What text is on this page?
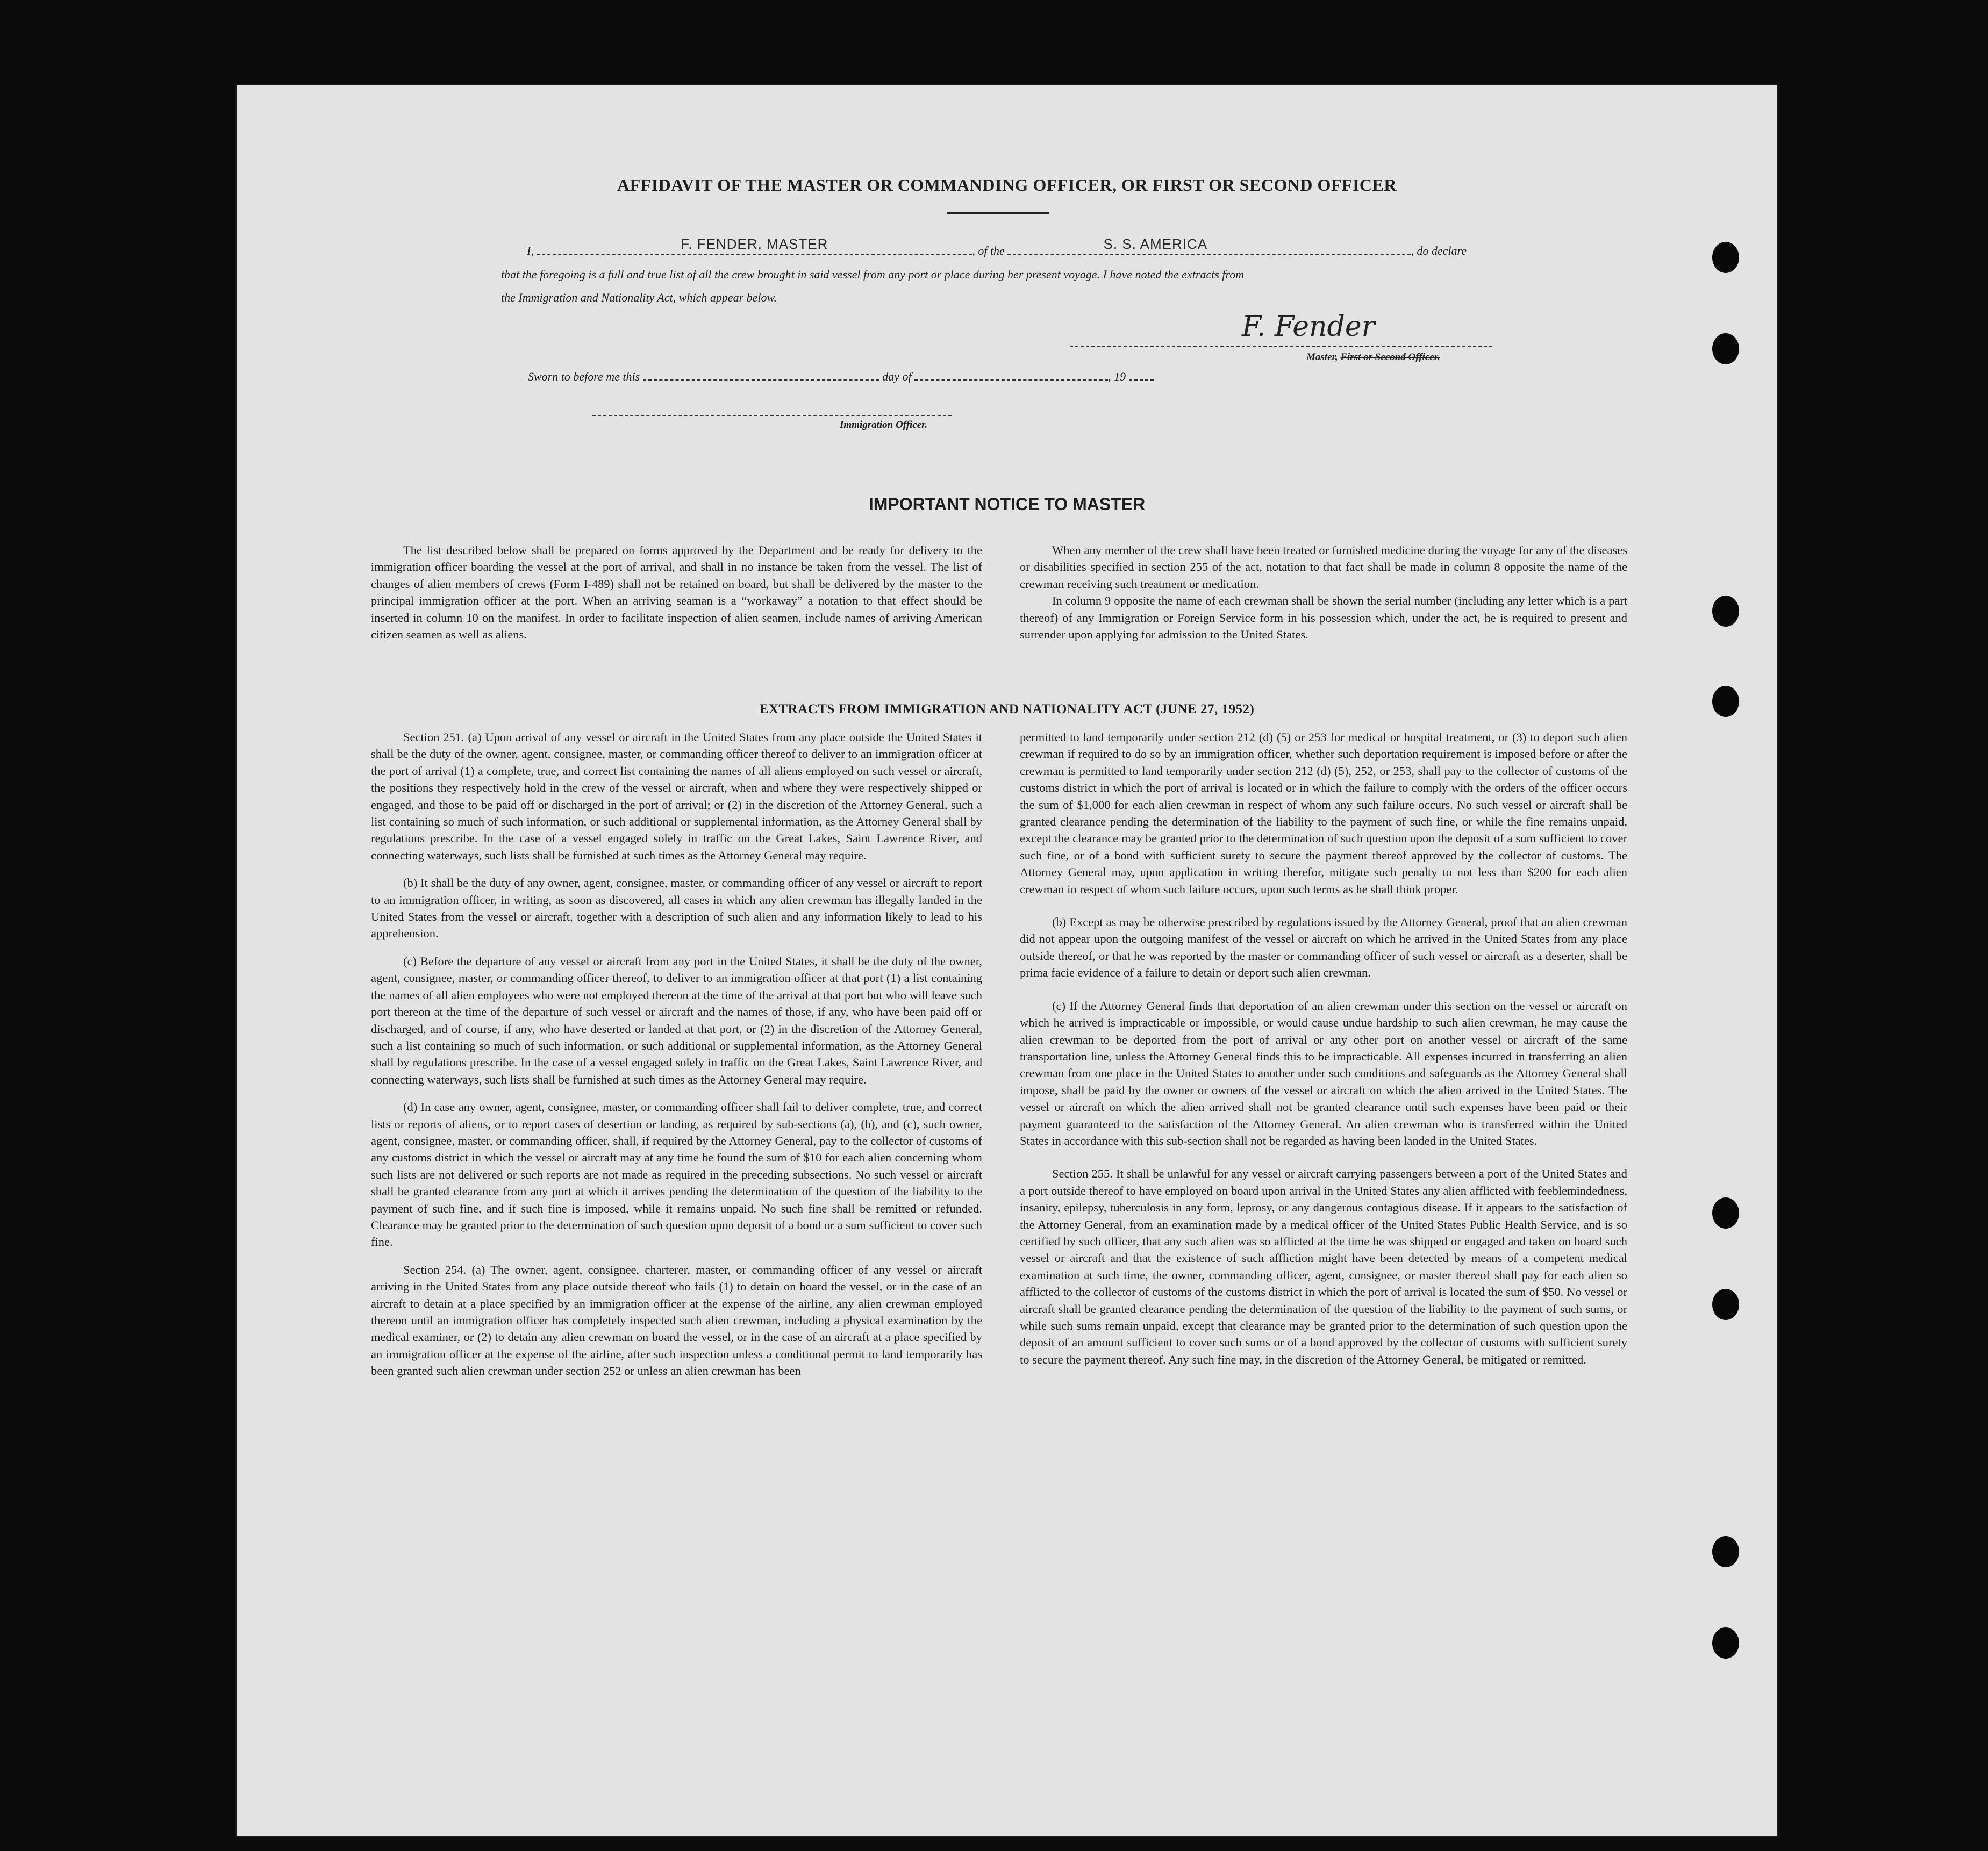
AFFIDAVIT OF THE MASTER OR COMMANDING OFFICER, OR FIRST OR SECOND OFFICER
I,	F. FENDER, MASTER	, of the	S. S. AMERICA	, do declare
that the foregoing is a full and true list of all the crew brought in said vessel from any port or place during her present voyage. I have noted the extracts from
the Immigration and Nationality Act, which appear below.
F. Fender
Master, First or Second Officer.
Sworn to before me this	day of	, 19
Immigration Officer.
IMPORTANT NOTICE TO MASTER

The list described below shall be prepared on forms approved by the Department and be ready for delivery to the immigration officer boarding the vessel at the port of arrival, and shall in no instance be taken from the vessel. The list of changes of alien members of crews (Form I-489) shall not be retained on board, but shall be delivered by the master to the principal immigration officer at the port. When an arriving seaman is a “workaway” a notation to that effect should be inserted in column 10 on the manifest. In order to facilitate inspection of alien seamen, include names of arriving American citizen seamen as well as aliens.

When any member of the crew shall have been treated or furnished medicine during the voyage for any of the diseases or disabilities specified in section 255 of the act, notation to that fact shall be made in column 8 opposite the name of the crewman receiving such treatment or medication.

In column 9 opposite the name of each crewman shall be shown the serial number (including any letter which is a part thereof) of any Immigration or Foreign Service form in his possession which, under the act, he is required to present and surrender upon applying for admission to the United States.

EXTRACTS FROM IMMIGRATION AND NATIONALITY ACT (JUNE 27, 1952)

Section 251. (a) Upon arrival of any vessel or aircraft in the United States from any place outside the United States it shall be the duty of the owner, agent, consignee, master, or commanding officer thereof to deliver to an immigration officer at the port of arrival (1) a complete, true, and correct list containing the names of all aliens employed on such vessel or aircraft, the positions they respectively hold in the crew of the vessel or aircraft, when and where they were respectively shipped or engaged, and those to be paid off or discharged in the port of arrival; or (2) in the discretion of the Attorney General, such a list containing so much of such information, or such additional or supplemental information, as the Attorney General shall by regulations prescribe. In the case of a vessel engaged solely in traffic on the Great Lakes, Saint Lawrence River, and connecting waterways, such lists shall be furnished at such times as the Attorney General may require.

(b) It shall be the duty of any owner, agent, consignee, master, or commanding officer of any vessel or aircraft to report to an immigration officer, in writing, as soon as discovered, all cases in which any alien crewman has illegally landed in the United States from the vessel or aircraft, together with a description of such alien and any information likely to lead to his apprehension.

(c) Before the departure of any vessel or aircraft from any port in the United States, it shall be the duty of the owner, agent, consignee, master, or commanding officer thereof, to deliver to an immigration officer at that port (1) a list containing the names of all alien employees who were not employed thereon at the time of the arrival at that port but who will leave such port thereon at the time of the departure of such vessel or aircraft and the names of those, if any, who have been paid off or discharged, and of course, if any, who have deserted or landed at that port, or (2) in the discretion of the Attorney General, such a list containing so much of such information, or such additional or supplemental information, as the Attorney General shall by regulations prescribe. In the case of a vessel engaged solely in traffic on the Great Lakes, Saint Lawrence River, and connecting waterways, such lists shall be furnished at such times as the Attorney General may require.

(d) In case any owner, agent, consignee, master, or commanding officer shall fail to deliver complete, true, and correct lists or reports of aliens, or to report cases of desertion or landing, as required by sub-sections (a), (b), and (c), such owner, agent, consignee, master, or commanding officer, shall, if required by the Attorney General, pay to the collector of customs of any customs district in which the vessel or aircraft may at any time be found the sum of $10 for each alien concerning whom such lists are not delivered or such reports are not made as required in the preceding subsections. No such vessel or aircraft shall be granted clearance from any port at which it arrives pending the determination of the question of the liability to the payment of such fine, and if such fine is imposed, while it remains unpaid. No such fine shall be remitted or refunded. Clearance may be granted prior to the determination of such question upon deposit of a bond or a sum sufficient to cover such fine.

Section 254. (a) The owner, agent, consignee, charterer, master, or commanding officer of any vessel or aircraft arriving in the United States from any place outside thereof who fails (1) to detain on board the vessel, or in the case of an aircraft to detain at a place specified by an immigration officer at the expense of the airline, any alien crewman employed thereon until an immigration officer has completely inspected such alien crewman, including a physical examination by the medical examiner, or (2) to detain any alien crewman on board the vessel, or in the case of an aircraft at a place specified by an immigration officer at the expense of the airline, after such inspection unless a conditional permit to land temporarily has been granted such alien crewman under section 252 or unless an alien crewman has been

permitted to land temporarily under section 212 (d) (5) or 253 for medical or hospital treatment, or (3) to deport such alien crewman if required to do so by an immigration officer, whether such deportation requirement is imposed before or after the crewman is permitted to land temporarily under section 212 (d) (5), 252, or 253, shall pay to the collector of customs of the customs district in which the port of arrival is located or in which the failure to comply with the orders of the officer occurs the sum of $1,000 for each alien crewman in respect of whom any such failure occurs. No such vessel or aircraft shall be granted clearance pending the determination of the liability to the payment of such fine, or while the fine remains unpaid, except the clearance may be granted prior to the determination of such question upon the deposit of a sum sufficient to cover such fine, or of a bond with sufficient surety to secure the payment thereof approved by the collector of customs. The Attorney General may, upon application in writing therefor, mitigate such penalty to not less than $200 for each alien crewman in respect of whom such failure occurs, upon such terms as he shall think proper.

(b) Except as may be otherwise prescribed by regulations issued by the Attorney General, proof that an alien crewman did not appear upon the outgoing manifest of the vessel or aircraft on which he arrived in the United States from any place outside thereof, or that he was reported by the master or commanding officer of such vessel or aircraft as a deserter, shall be prima facie evidence of a failure to detain or deport such alien crewman.

(c) If the Attorney General finds that deportation of an alien crewman under this section on the vessel or aircraft on which he arrived is impracticable or impossible, or would cause undue hardship to such alien crewman, he may cause the alien crewman to be deported from the port of arrival or any other port on another vessel or aircraft of the same transportation line, unless the Attorney General finds this to be impracticable. All expenses incurred in transferring an alien crewman from one place in the United States to another under such conditions and safeguards as the Attorney General shall impose, shall be paid by the owner or owners of the vessel or aircraft on which the alien arrived in the United States. The vessel or aircraft on which the alien arrived shall not be granted clearance until such expenses have been paid or their payment guaranteed to the satisfaction of the Attorney General. An alien crewman who is transferred within the United States in accordance with this sub-section shall not be regarded as having been landed in the United States.

Section 255. It shall be unlawful for any vessel or aircraft carrying passengers between a port of the United States and a port outside thereof to have employed on board upon arrival in the United States any alien afflicted with feeblemindedness, insanity, epilepsy, tuberculosis in any form, leprosy, or any dangerous contagious disease. If it appears to the satisfaction of the Attorney General, from an examination made by a medical officer of the United States Public Health Service, and is so certified by such officer, that any such alien was so afflicted at the time he was shipped or engaged and taken on board such vessel or aircraft and that the existence of such affliction might have been detected by means of a competent medical examination at such time, the owner, commanding officer, agent, consignee, or master thereof shall pay for each alien so afflicted to the collector of customs of the customs district in which the port of arrival is located the sum of $50. No vessel or aircraft shall be granted clearance pending the determination of the question of the liability to the payment of such sums, or while such sums remain unpaid, except that clearance may be granted prior to the determination of such question upon the deposit of an amount sufficient to cover such sums or of a bond approved by the collector of customs with sufficient surety to secure the payment thereof. Any such fine may, in the discretion of the Attorney General, be mitigated or remitted.
